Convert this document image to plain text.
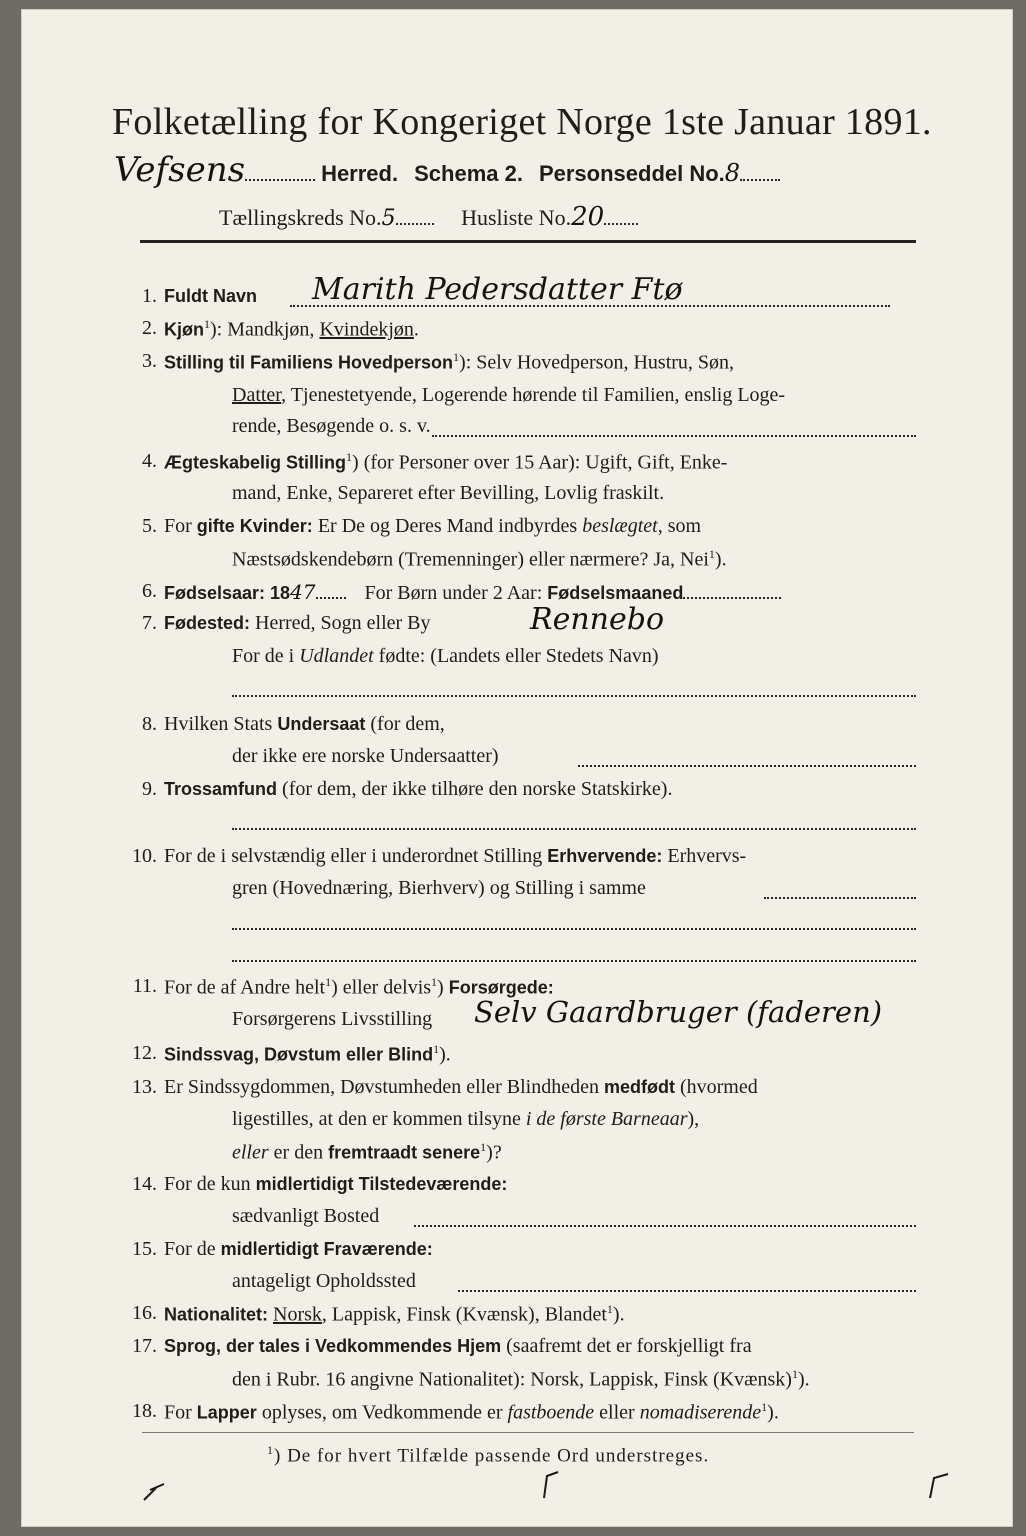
Folketælling for Kongeriget Norge 1ste Januar 1891.
Vefsens	Herred. Schema 2. Personseddel No.8
Tællingskreds No.5	Husliste No.20
1. Fuldt Navn Marith Pedersdatter Ftø
2. Kjøn$^1$): Mandkjøn, Kvindekjøn.
3. Stilling til Familiens Hovedperson$^1$): Selv Hovedperson, Hustru, Søn,
Datter, Tjenestetyende, Logerende hørende til Familien, enslig Loge-
rende, Besøgende o. s. v.
4. Ægteskabelig Stilling$^1$) (for Personer over 15 Aar): Ugift, Gift, Enke-
mand, Enke, Separeret efter Bevilling, Lovlig fraskilt.
5. For gifte Kvinder: Er De og Deres Mand indbyrdes beslægtet, som
Næstsødskendebørn (Tremenninger) eller nærmere? Ja, Nei$^1$).
6. Fødselsaar: 1847 For Børn under 2 Aar: Fødselsmaaned
7. Fødested: Herred, Sogn eller By	Rennebo
For de i Udlandet fødte: (Landets eller Stedets Navn)
8. Hvilken Stats Undersaat (for dem,
der ikke ere norske Undersaatter)
9. Trossamfund (for dem, der ikke tilhøre den norske Statskirke).
10. For de i selvstændig eller i underordnet Stilling Erhvervende: Erhvervs-
gren (Hovednæring, Bierhverv) og Stilling i samme
11. For de af Andre helt$^1$) eller delvis$^1$) Forsørgede:
Forsørgerens Livsstilling Selv Gaardbruger (faderen)
12. Sindssvag, Døvstum eller Blind$^1$).
13. Er Sindssygdommen, Døvstumheden eller Blindheden medfødt (hvormed
ligestilles, at den er kommen tilsyne i de første Barneaar),
eller er den fremtraadt senere$^1$)?
14. For de kun midlertidigt Tilstedeværende:
sædvanligt Bosted
15. For de midlertidigt Fraværende:
antageligt Opholdssted
16. Nationalitet: Norsk, Lappisk, Finsk (Kvænsk), Blandet$^1$).
17. Sprog, der tales i Vedkommendes Hjem (saafremt det er forskjelligt fra
den i Rubr. 16 angivne Nationalitet): Norsk, Lappisk, Finsk (Kvænsk)$^1$).
18. For Lapper oplyses, om Vedkommende er fastboende eller nomadiserende$^1$).
$^1$) De for hvert Tilfælde passende Ord understreges.
